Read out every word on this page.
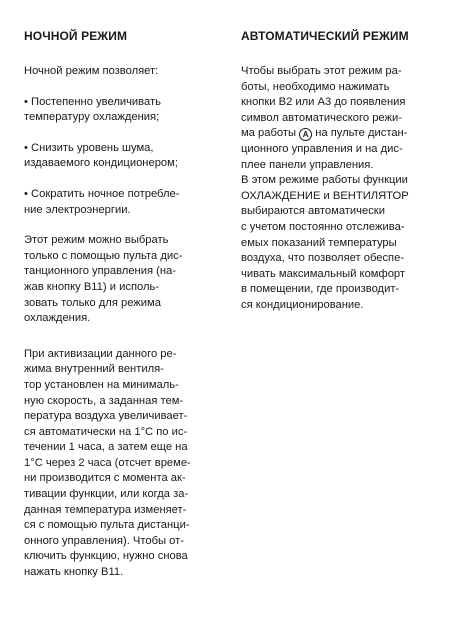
НОЧНОЙ РЕЖИМ

Ночной режим позволяет:

• Постепенно увеличивать
температуру охлаждения;

• Снизить уровень шума,
издаваемого кондиционером;

• Сократить ночное потребле-
ние электроэнергии.

Этот режим можно выбрать
только с помощью пульта дис-
танционного управления (на-
жав кнопку B11) и исполь-
зовать только для режима
охлаждения.

При активизации данного ре-
жима внутренний вентиля-
тор установлен на минималь-
ную скорость, а заданная тем-
пература воздуха увеличивает-
ся автоматически на 1°С по ис-
течении 1 часа, а затем еще на
1°С через 2 часа (отсчет време-
ни производится с момента ак-
тивации функции, или когда за-
данная температура изменяет-
ся с помощью пульта дистанци-
онного управления). Чтобы от-
ключить функцию, нужно снова
нажать кнопку B11.

АВТОМАТИЧЕСКИЙ РЕЖИМ

Чтобы выбрать этот режим ра-
боты, необходимо нажимать
кнопки B2 или A3 до появления
символ автоматического режи-
ма работы A на пульте дистан-
ционного управления и на дис-
плее панели управления.
В этом режиме работы функции
ОХЛАЖДЕНИЕ и ВЕНТИЛЯТОР
выбираются автоматически
с учетом постоянно отслежива-
емых показаний температуры
воздуха, что позволяет обеспе-
чивать максимальный комфорт
в помещении, где производит-
ся кондиционирование.
